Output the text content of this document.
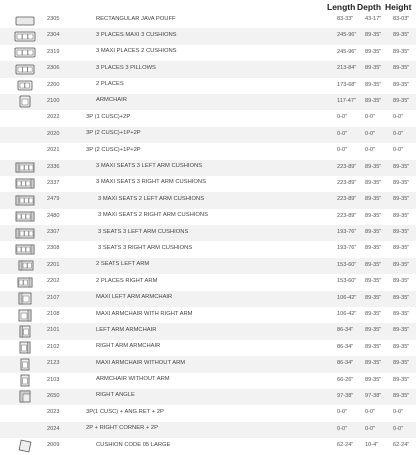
Length Depth Height
2305	RECTANGULAR JAVA POUFF	83-33" 43-17" 83-03"
2304	3 PLACES MAXI 3 CUSHIONS	245-96" 89-35" 89-35"
2319	3 MAXI PLACES 2 CUSHIONS	245-96" 89-35" 89-35"
2306	3 PLACES 3 PILLOWS	213-84" 89-35" 89-35"
2200	2 PLACES	173-68" 89-35" 89-35"
2100	ARMCHAIR	117-47" 89-35" 89-35"
2022	3P (1 CUSC)+2P	0-0"	0-0"	0-0"
2020	3P (2 CUSC)+1P+2P	0-0"	0-0"	0-0"
2021	3P (2 CUSC)+1P+2P	0-0"	0-0"	0-0"
2336	3 MAXI SEATS 3 LEFT ARM CUSHIONS	223-89" 89-35" 89-35"
2337	3 MAXI SEATS 3 RIGHT ARM CUSHIONS	223-89" 89-35" 89-35"
2479	3 MAXI SEATS 2 LEFT ARM CUSHIONS	223-89" 89-35" 89-35"
2480	3 MAXI SEATS 2 RIGHT ARM CUSHIONS	223-89" 89-35" 89-35"
2307	3 SEATS 3 LEFT ARM CUSHIONS	193-76" 89-35" 89-35"
2308	3 SEATS 3 RIGHT ARM CUSHIONS	193-76" 89-35" 89-35"
2201	2 SEATS LEFT ARM	153-60" 89-35" 89-35"
2202	2 PLACES RIGHT ARM	153-60" 89-35" 89-35"
2107	MAXI LEFT ARM ARMCHAIR	106-42" 89-35" 89-35"
2108	MAXI ARMCHAIR WITH RIGHT ARM	106-42" 89-35" 89-35"
2101	LEFT ARM ARMCHAIR	86-34" 89-35" 89-35"
2102	RIGHT ARM ARMCHAIR	86-34" 89-35" 89-35"
2123	MAXI ARMCHAIR WITHOUT ARM	86-34" 89-35" 89-35"
2103	ARMCHAIR WITHOUT ARM	66-26" 89-35" 89-35"
2650	RIGHT ANGLE	97-38" 97-38" 89-35"
2023	3P(1 CUSC) + ANG.RET + 2P	0-0"	0-0"	0-0"
2024	2P + RIGHT CORNER + 2P	0-0"	0-0"	0-0"
2009	CUSHION CODE 05 LARGE	62-24" 10-4"	62-24"
